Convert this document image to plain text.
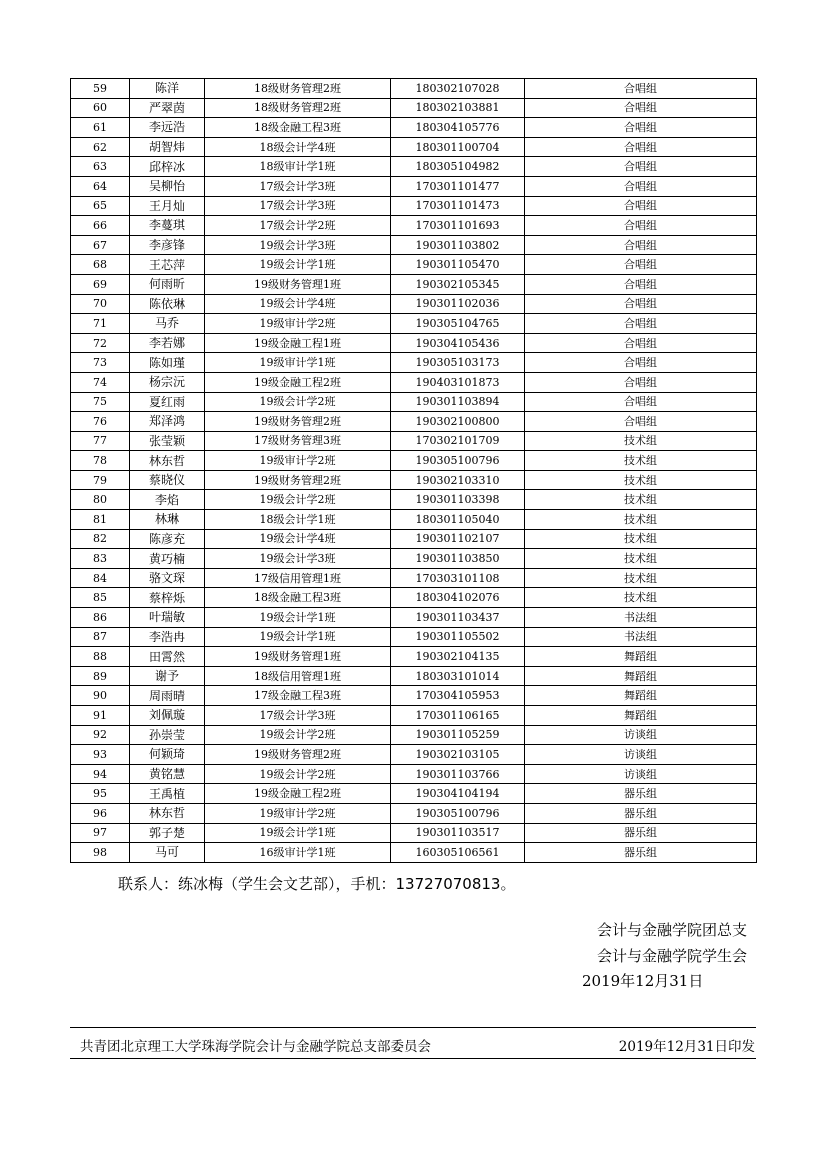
59	陈洋	18级财务管理2班	180302107028	合唱组
60	严翠茵	18级财务管理2班	180302103881	合唱组
61	李远浩	18级金融工程3班	180304105776	合唱组
62	胡智炜	18级会计学4班	180301100704	合唱组
63	邱梓冰	18级审计学1班	180305104982	合唱组
64	吴柳怡	17级会计学3班	170301101477	合唱组
65	王月灿	17级会计学3班	170301101473	合唱组
66	李蔓琪	17级会计学2班	170301101693	合唱组
67	李彦锋	19级会计学3班	190301103802	合唱组
68	王芯萍	19级会计学1班	190301105470	合唱组
69	何雨昕	19级财务管理1班	190302105345	合唱组
70	陈依琳	19级会计学4班	190301102036	合唱组
71	马乔	19级审计学2班	190305104765	合唱组
72	李若娜	19级金融工程1班	190304105436	合唱组
73	陈如瑾	19级审计学1班	190305103173	合唱组
74	杨宗沅	19级金融工程2班	190403101873	合唱组
75	夏红雨	19级会计学2班	190301103894	合唱组
76	郑泽鸿	19级财务管理2班	190302100800	合唱组
77	张莹颖	17级财务管理3班	170302101709	技术组
78	林东哲	19级审计学2班	190305100796	技术组
79	蔡晓仪	19级财务管理2班	190302103310	技术组
80	李焰	19级会计学2班	190301103398	技术组
81	林琳	18级会计学1班	180301105040	技术组
82	陈彦充	19级会计学4班	190301102107	技术组
83	黄巧楠	19级会计学3班	190301103850	技术组
84	骆文琛	17级信用管理1班	170303101108	技术组
85	蔡梓烁	18级金融工程3班	180304102076	技术组
86	叶瑞敏	19级会计学1班	190301103437	书法组
87	李浩冉	19级会计学1班	190301105502	书法组
88	田霄然	19级财务管理1班	190302104135	舞蹈组
89	谢予	18级信用管理1班	180303101014	舞蹈组
90	周雨晴	17级金融工程3班	170304105953	舞蹈组
91	刘佩璇	17级会计学3班	170301106165	舞蹈组
92	孙崇莹	19级会计学2班	190301105259	访谈组
93	何颖琦	19级财务管理2班	190302103105	访谈组
94	黄铭慧	19级会计学2班	190301103766	访谈组
95	王禹植	19级金融工程2班	190304104194	器乐组
96	林东哲	19级审计学2班	190305100796	器乐组
97	郭子楚	19级会计学1班	190301103517	器乐组
98	马可	16级审计学1班	160305106561	器乐组
联系人：练冰梅（学生会文艺部），手机：13727070813。
会计与金融学院团总支
会计与金融学院学生会
2019年12月31日
共青团北京理工大学珠海学院会计与金融学院总支部委员会	2019年12月31日印发
